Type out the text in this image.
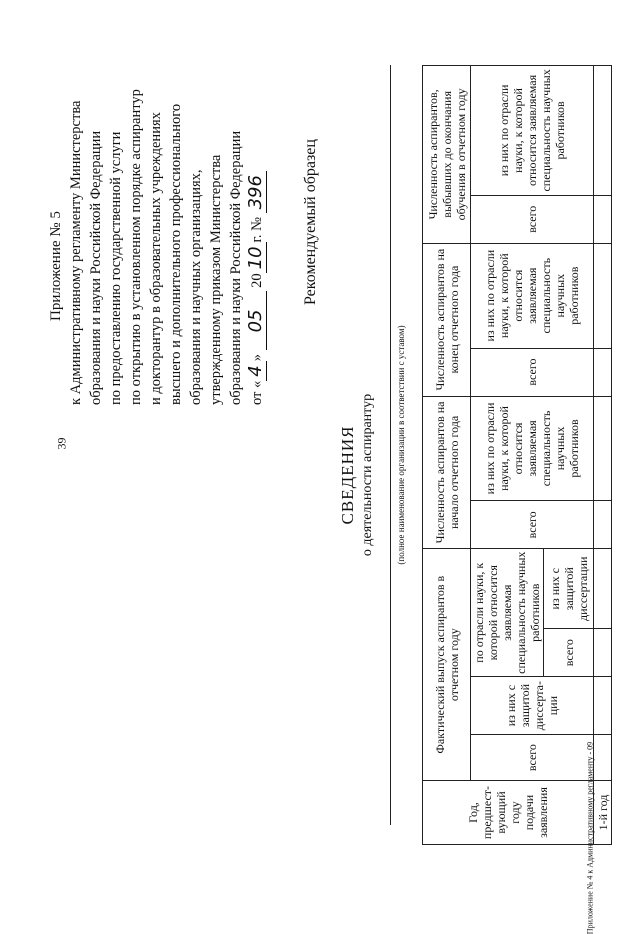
39
Приложение № 4 к Административному регламенту - 09
Приложение № 5 к Административному регламенту Министерства образования и науки Российской Федерации по предоставлению государственной услуги по открытию в установленном порядке аспирантур и докторантур в образовательных учреждениях высшего и дополнительного профессионального образования и научных организациях, утвержденному приказом Министерства образования и науки Российской Федерации от «4» 05 2010г. № 396 Рекомендуемый образец
СВЕДЕНИЯ о деятельности аспирантур (полное наименование организации в соответствии с уставом)
Год, предшест-вующий году подачи заявления	Фактический выпуск аспирантов в отчетном году				Численность аспирантов на начало отчетного года		Численность аспирантов на конец отчетного года		Численность аспирантов, выбывших до окончания обучения в отчетном году	
	всего	из них с защитой диссерта-ции	по отрасли науки, к которой относится заявляемая специальность научных работников		всего	из них по отрасли науки, к которой относится заявляемая специальность научных работников	всего	из них по отрасли науки, к которой относится заявляемая специальность научных работников	всего	из них по отрасли науки, к которой относится заявляемая специальность научных работников
			всего	из них с защитой диссертации						
1-й год										
